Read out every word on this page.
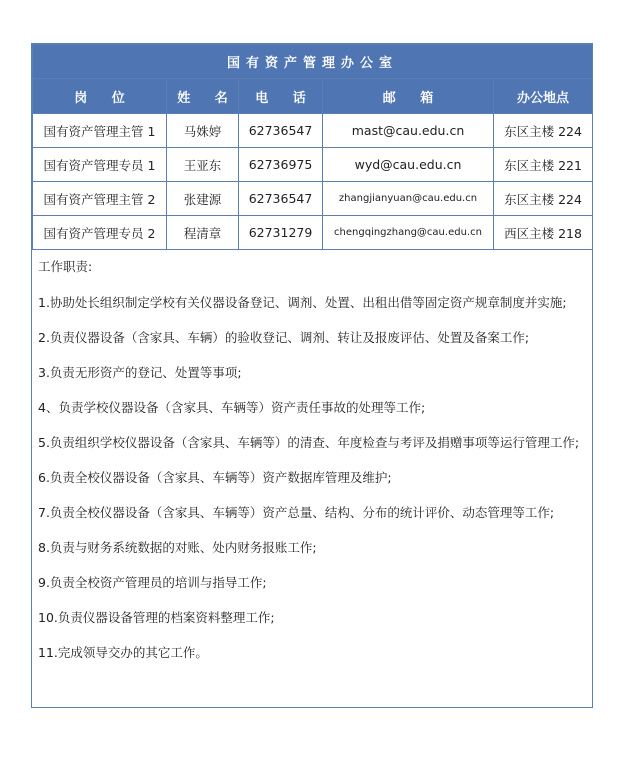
国有资产管理办公室				
岗 位	姓 名	电 话	邮 箱	办公地点
国有资产管理主管 1	马姝婷	62736547	mast@cau.edu.cn	东区主楼 224
国有资产管理专员 1	王亚东	62736975	wyd@cau.edu.cn	东区主楼 221
国有资产管理主管 2	张建源	62736547	zhangjianyuan@cau.edu.cn	东区主楼 224
国有资产管理专员 2	程清章	62731279	chengqingzhang@cau.edu.cn	西区主楼 218

工作职责:

1.协助处长组织制定学校有关仪器设备登记、调剂、处置、出租出借等固定资产规章制度并实施;

2.负责仪器设备（含家具、车辆）的验收登记、调剂、转让及报废评估、处置及备案工作;

3.负责无形资产的登记、处置等事项;

4、负责学校仪器设备（含家具、车辆等）资产责任事故的处理等工作;

5.负责组织学校仪器设备（含家具、车辆等）的清查、年度检查与考评及捐赠事项等运行管理工作;

6.负责全校仪器设备（含家具、车辆等）资产数据库管理及维护;

7.负责全校仪器设备（含家具、车辆等）资产总量、结构、分布的统计评价、动态管理等工作;

8.负责与财务系统数据的对账、处内财务报账工作;

9.负责全校资产管理员的培训与指导工作;

10.负责仪器设备管理的档案资料整理工作;

11.完成领导交办的其它工作。
